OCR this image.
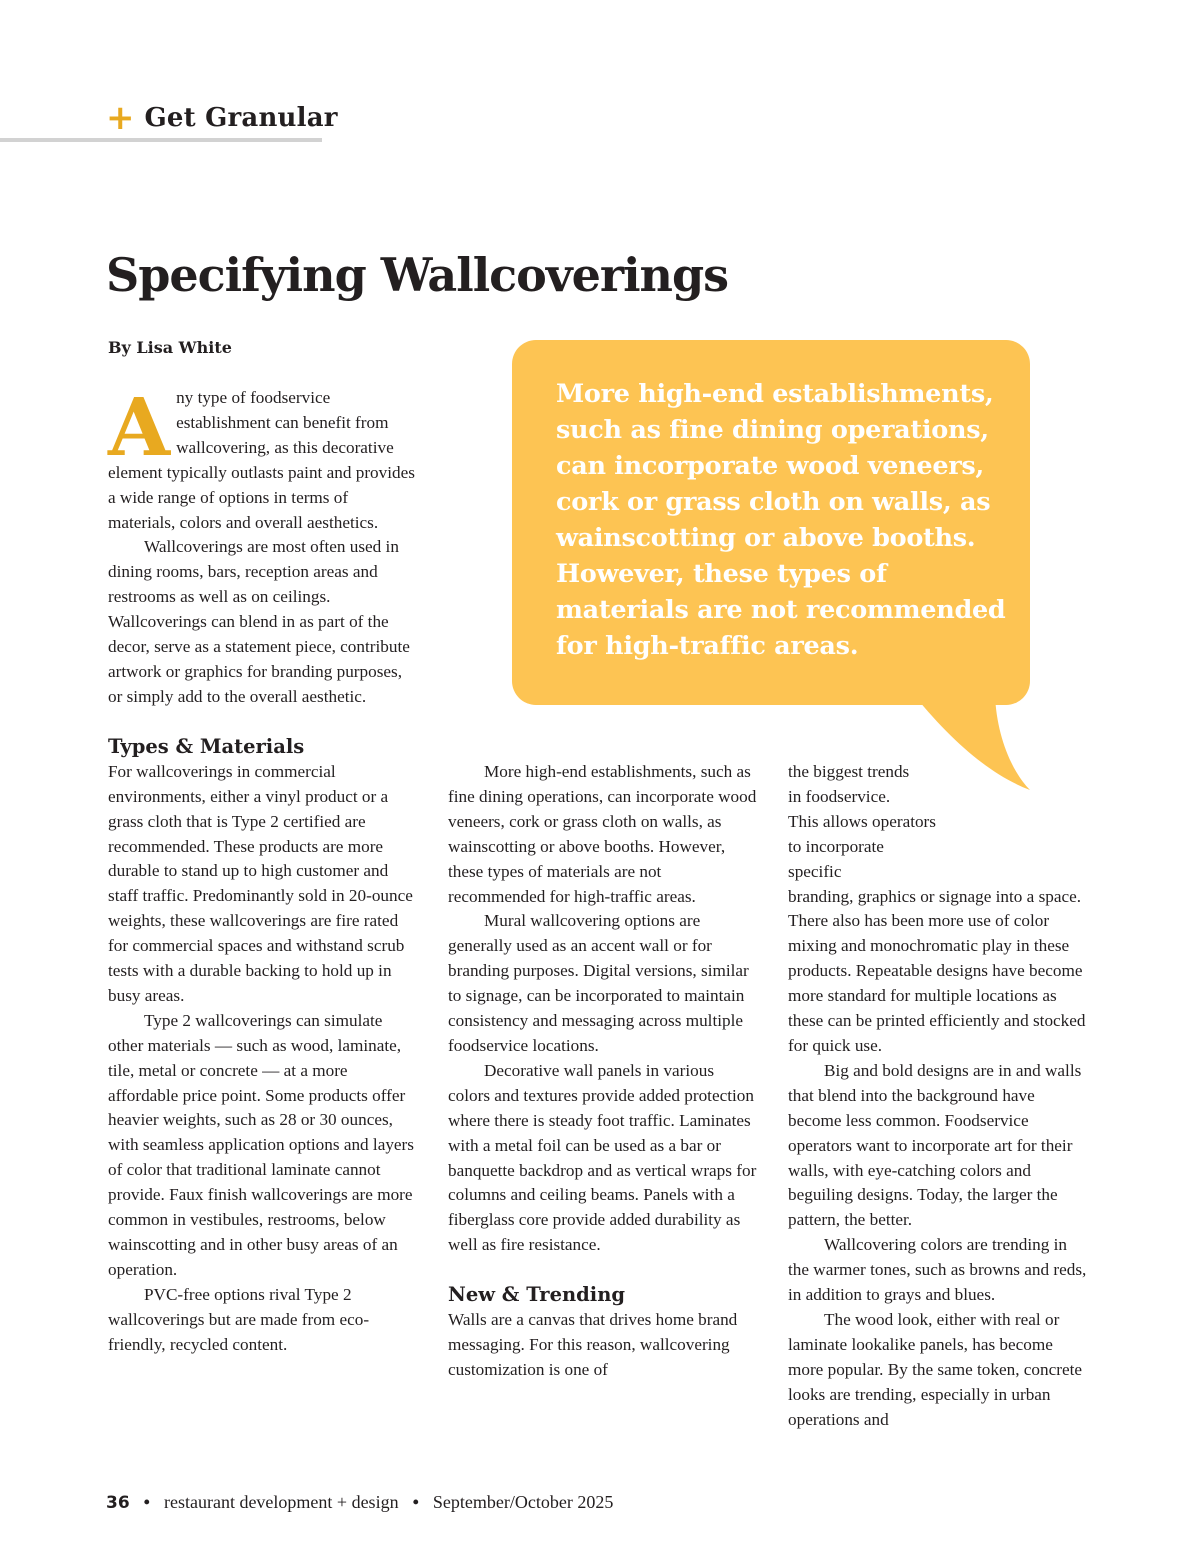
+ Get Granular
Specifying Wallcoverings
By Lisa White
More high-end establishments, such as fine dining operations, can incorporate wood veneers, cork or grass cloth on walls, as wainscotting or above booths. However, these types of materials are not recommended for high-traffic areas.

Any type of foodservice establishment can benefit from wallcovering, as this decorative element typically outlasts paint and provides a wide range of options in terms of materials, colors and overall aesthetics.

Wallcoverings are most often used in dining rooms, bars, reception areas and restrooms as well as on ceilings. Wallcoverings can blend in as part of the decor, serve as a statement piece, contribute artwork or graphics for branding purposes, or simply add to the overall aesthetic.

Types & Materials

For wallcoverings in commercial environments, either a vinyl product or a grass cloth that is Type 2 certified are recommended. These products are more durable to stand up to high customer and staff traffic. Predominantly sold in 20-ounce weights, these wallcoverings are fire rated for commercial spaces and withstand scrub tests with a durable backing to hold up in busy areas.

Type 2 wallcoverings can simulate other materials — such as wood, laminate, tile, metal or concrete — at a more affordable price point. Some products offer heavier weights, such as 28 or 30 ounces, with seamless application options and layers of color that traditional laminate cannot provide. Faux finish wallcoverings are more common in vestibules, restrooms, below wainscotting and in other busy areas of an operation.

PVC-free options rival Type 2 wallcoverings but are made from eco-friendly, recycled content.

More high-end establishments, such as fine dining operations, can incorporate wood veneers, cork or grass cloth on walls, as wainscotting or above booths. However, these types of materials are not recommended for high-traffic areas.

Mural wallcovering options are generally used as an accent wall or for branding purposes. Digital versions, similar to signage, can be incorporated to maintain consistency and messaging across multiple foodservice locations.

Decorative wall panels in various colors and textures provide added protection where there is steady foot traffic. Laminates with a metal foil can be used as a bar or banquette backdrop and as vertical wraps for columns and ceiling beams. Panels with a fiberglass core provide added durability as well as fire resistance.

New & Trending

Walls are a canvas that drives home brand messaging. For this reason, wallcovering customization is one of

the biggest trends
in foodservice.
This allows operators
to incorporate specific

branding, graphics or signage into a space. There also has been more use of color mixing and monochromatic play in these products. Repeatable designs have become more standard for multiple locations as these can be printed efficiently and stocked for quick use.

Big and bold designs are in and walls that blend into the background have become less common. Foodservice operators want to incorporate art for their walls, with eye-catching colors and beguiling designs. Today, the larger the pattern, the better.

Wallcovering colors are trending in the warmer tones, such as browns and reds, in addition to grays and blues.

The wood look, either with real or laminate lookalike panels, has become more popular. By the same token, concrete looks are trending, especially in urban operations and

36 • restaurant development + design • September/October 2025
